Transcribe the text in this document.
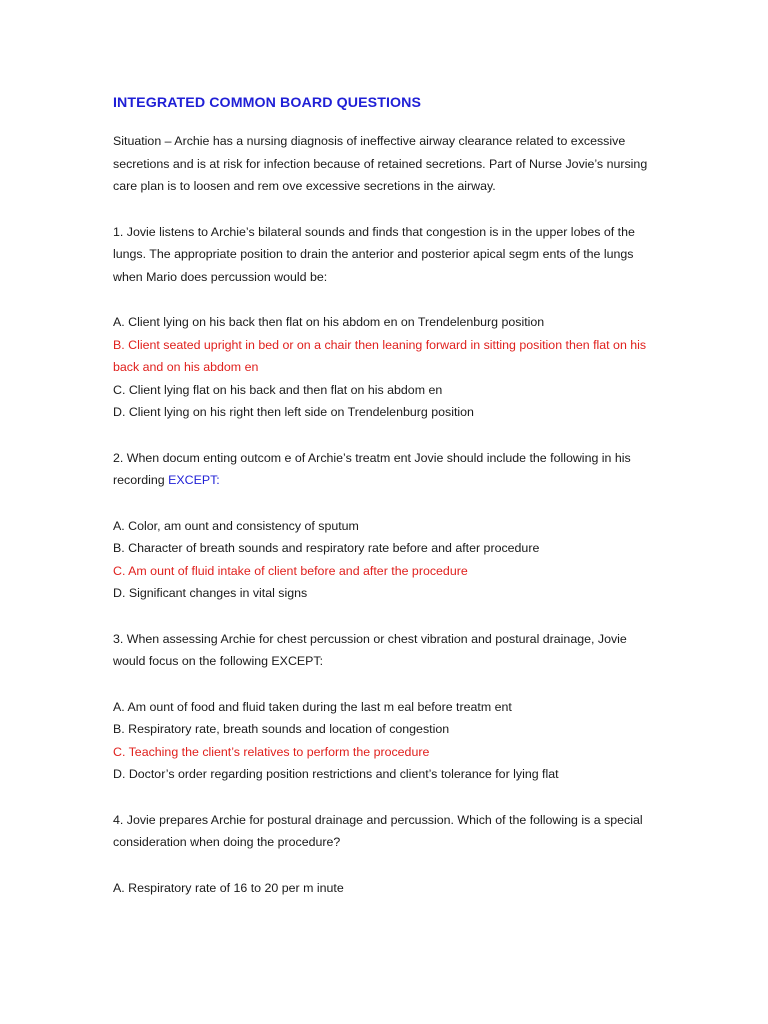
INTEGRATED COMMON BOARD QUESTIONS

Situation – Archie has a nursing diagnosis of ineffective airway clearance related to excessive secretions and is at risk for infection because of retained secretions. Part of Nurse Jovie’s nursing care plan is to loosen and rem ove excessive secretions in the airway.

1. Jovie listens to Archie’s bilateral sounds and finds that congestion is in the upper lobes of the lungs. The appropriate position to drain the anterior and posterior apical segm ents of the lungs when Mario does percussion would be:

A. Client lying on his back then flat on his abdom en on Trendelenburg position

B. Client seated upright in bed or on a chair then leaning forward in sitting position then flat on his back and on his abdom en

C. Client lying flat on his back and then flat on his abdom en

D. Client lying on his right then left side on Trendelenburg position

2. When docum enting outcom e of Archie’s treatm ent Jovie should include the following in his recording EXCEPT:

A. Color, am ount and consistency of sputum

B. Character of breath sounds and respiratory rate before and after procedure

C. Am ount of fluid intake of client before and after the procedure

D. Significant changes in vital signs

3. When assessing Archie for chest percussion or chest vibration and postural drainage, Jovie would focus on the following EXCEPT:

A. Am ount of food and fluid taken during the last m eal before treatm ent

B. Respiratory rate, breath sounds and location of congestion

C. Teaching the client’s relatives to perform the procedure

D. Doctor’s order regarding position restrictions and client’s tolerance for lying flat

4. Jovie prepares Archie for postural drainage and percussion. Which of the following is a special consideration when doing the procedure?

A. Respiratory rate of 16 to 20 per m inute
